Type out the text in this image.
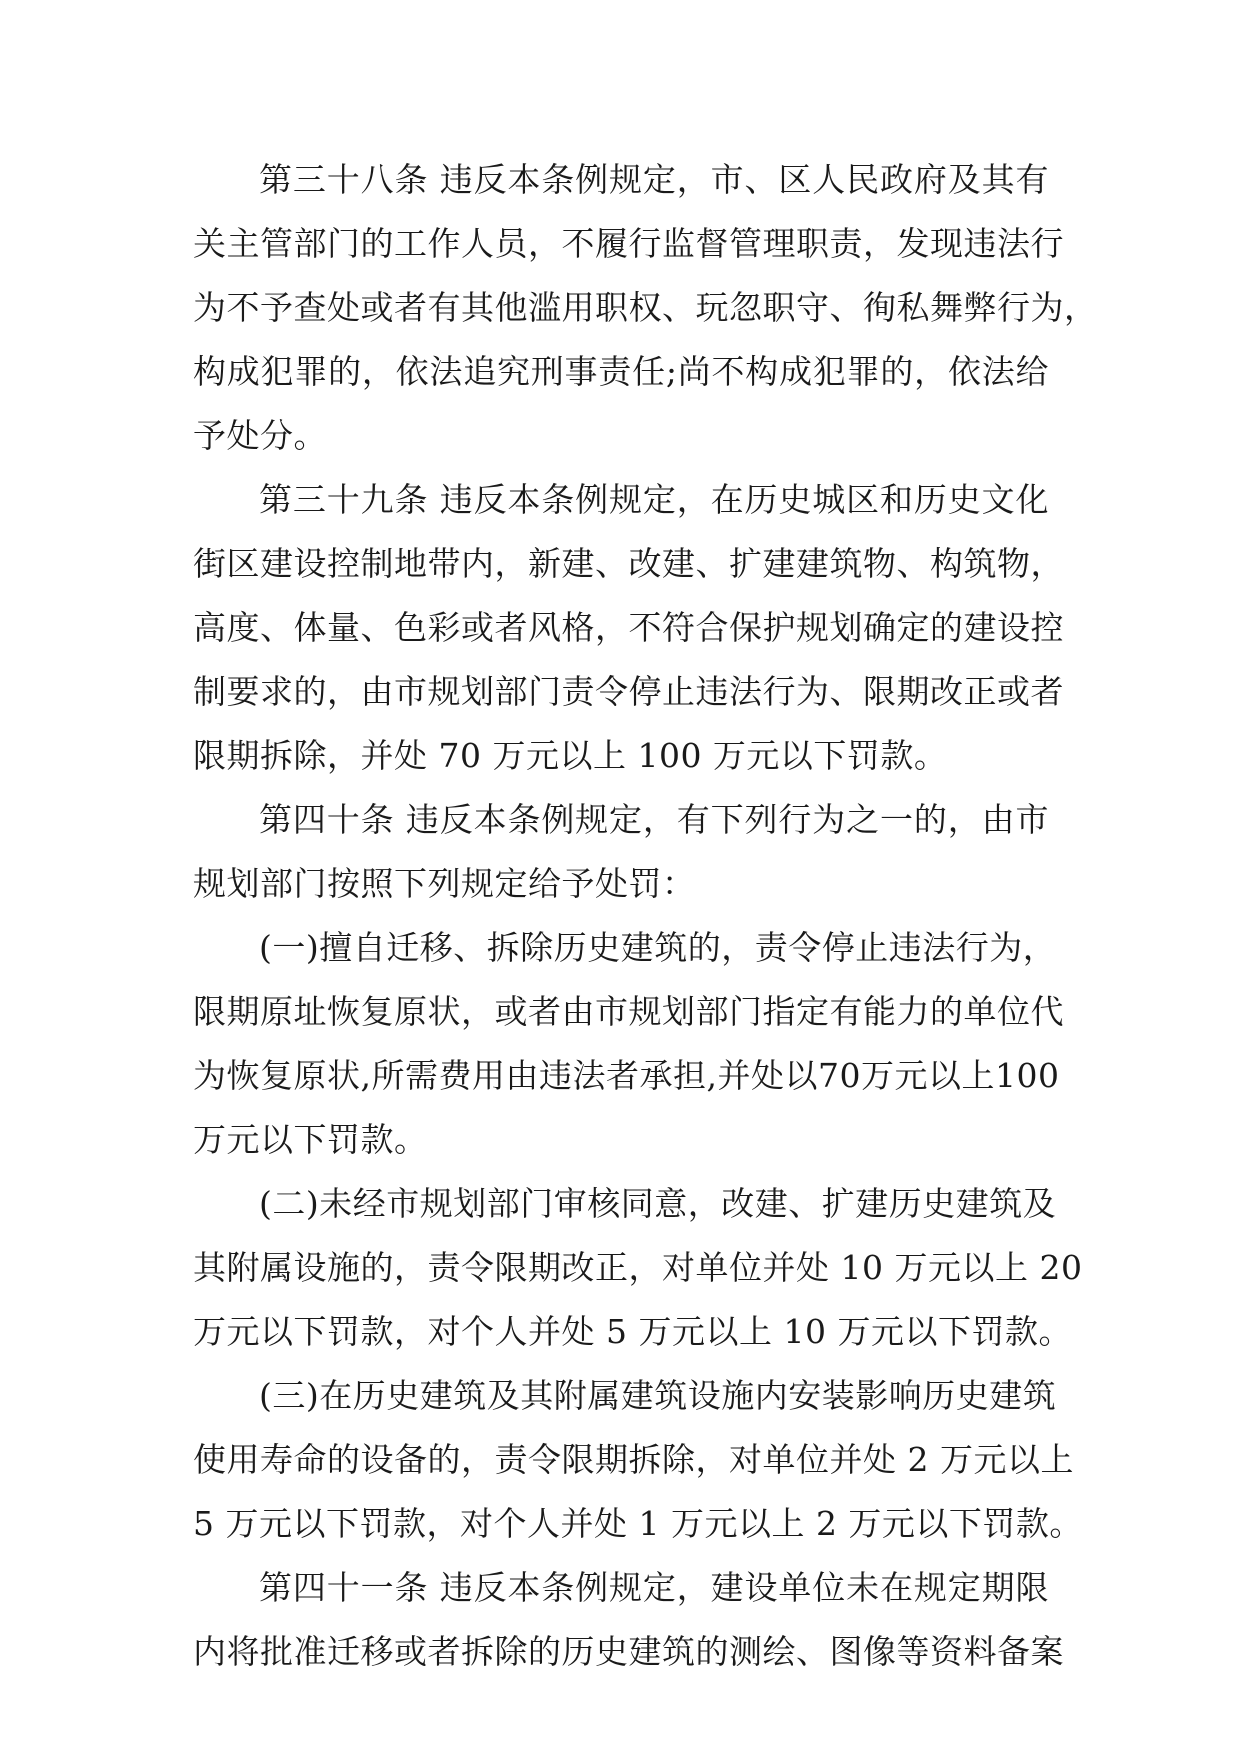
第三十八条 违反本条例规定，市、区人民政府及其有
关主管部门的工作人员，不履行监督管理职责，发现违法行
为不予查处或者有其他滥用职权、玩忽职守、徇私舞弊行为，
构成犯罪的，依法追究刑事责任;尚不构成犯罪的，依法给
予处分。
第三十九条 违反本条例规定，在历史城区和历史文化
街区建设控制地带内，新建、改建、扩建建筑物、构筑物，
高度、体量、色彩或者风格，不符合保护规划确定的建设控
制要求的，由市规划部门责令停止违法行为、限期改正或者
限期拆除，并处 70 万元以上 100 万元以下罚款。
第四十条 违反本条例规定，有下列行为之一的，由市
规划部门按照下列规定给予处罚：
(一)擅自迁移、拆除历史建筑的，责令停止违法行为，
限期原址恢复原状，或者由市规划部门指定有能力的单位代
为恢复原状,所需费用由违法者承担,并处以70万元以上100
万元以下罚款。
(二)未经市规划部门审核同意，改建、扩建历史建筑及
其附属设施的，责令限期改正，对单位并处 10 万元以上 20
万元以下罚款，对个人并处 5 万元以上 10 万元以下罚款。
(三)在历史建筑及其附属建筑设施内安装影响历史建筑
使用寿命的设备的，责令限期拆除，对单位并处 2 万元以上
5 万元以下罚款，对个人并处 1 万元以上 2 万元以下罚款。
第四十一条 违反本条例规定，建设单位未在规定期限
内将批准迁移或者拆除的历史建筑的测绘、图像等资料备案
